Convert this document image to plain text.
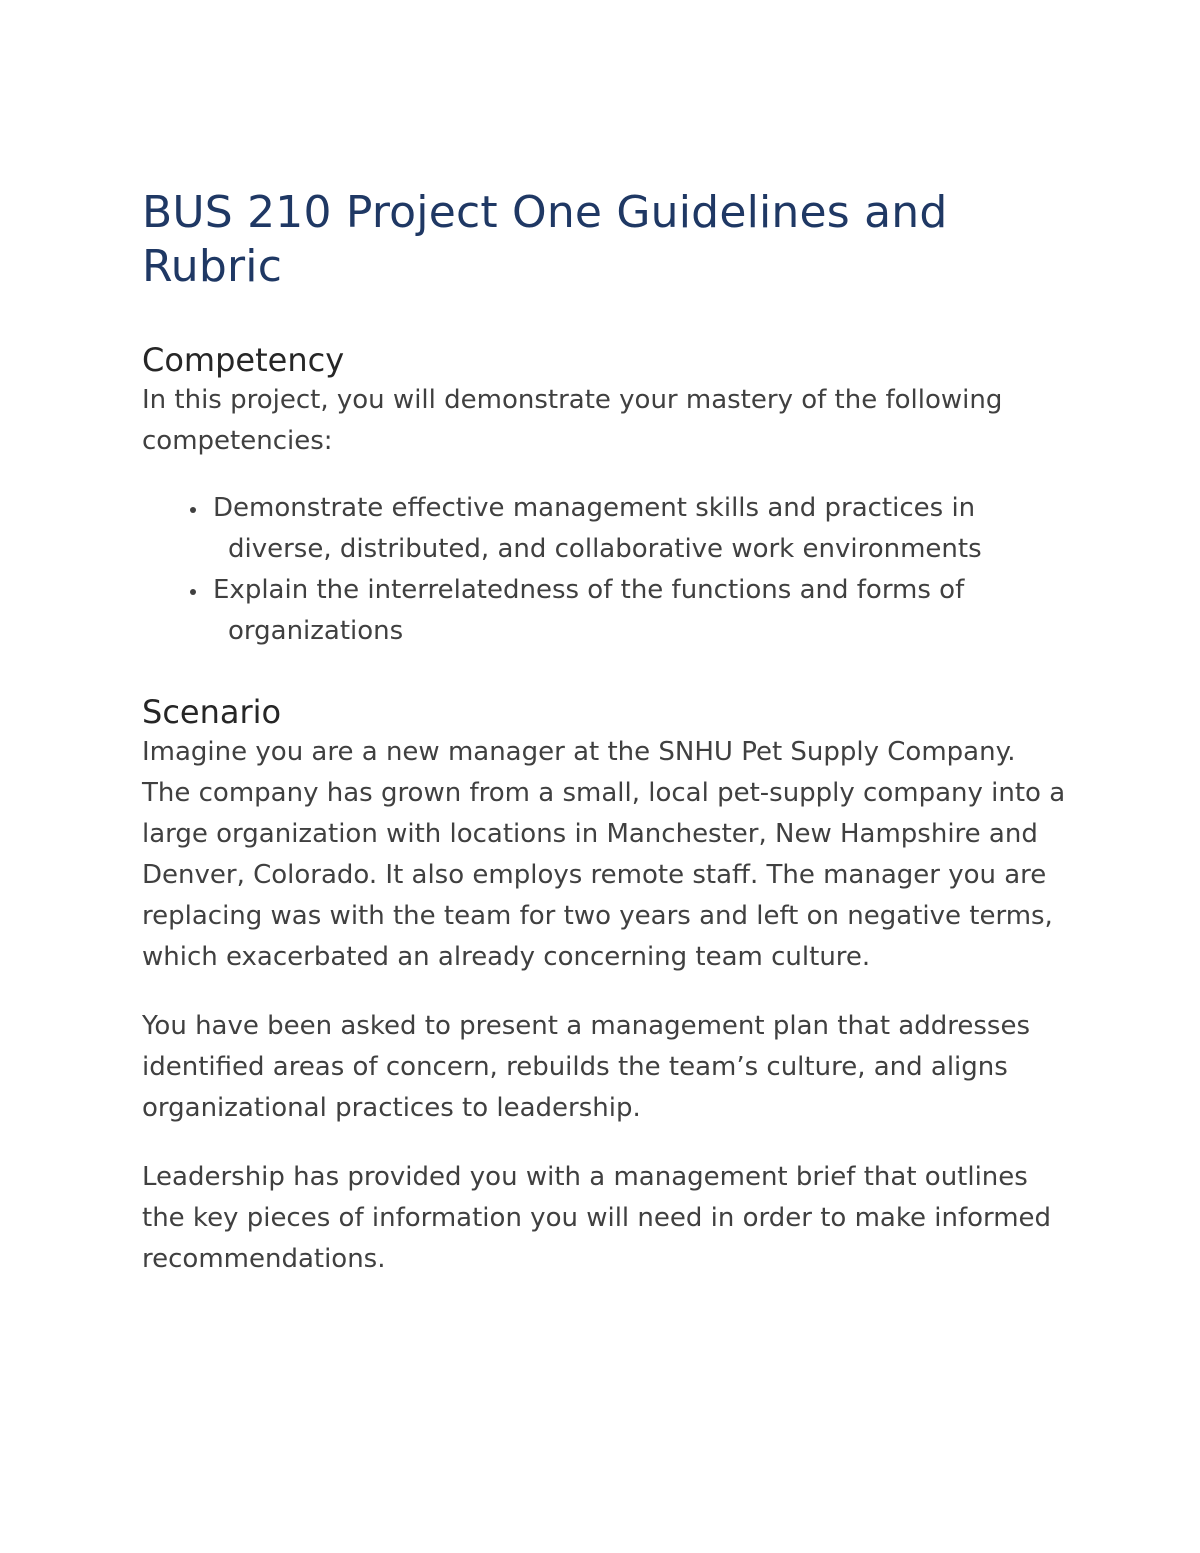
BUS 210 Project One Guidelines and Rubric
Competency

In this project, you will demonstrate your mastery of the following competencies:

Demonstrate effective management skills and practices in diverse, distributed, and collaborative work environments
Explain the interrelatedness of the functions and forms of organizations
Scenario

Imagine you are a new manager at the SNHU Pet Supply Company. The company has grown from a small, local pet-supply company into a large organization with locations in Manchester, New Hampshire and Denver, Colorado. It also employs remote staff. The manager you are replacing was with the team for two years and left on negative terms, which exacerbated an already concerning team culture.

You have been asked to present a management plan that addresses identified areas of concern, rebuilds the team’s culture, and aligns organizational practices to leadership.

Leadership has provided you with a management brief that outlines the key pieces of information you will need in order to make informed recommendations.
